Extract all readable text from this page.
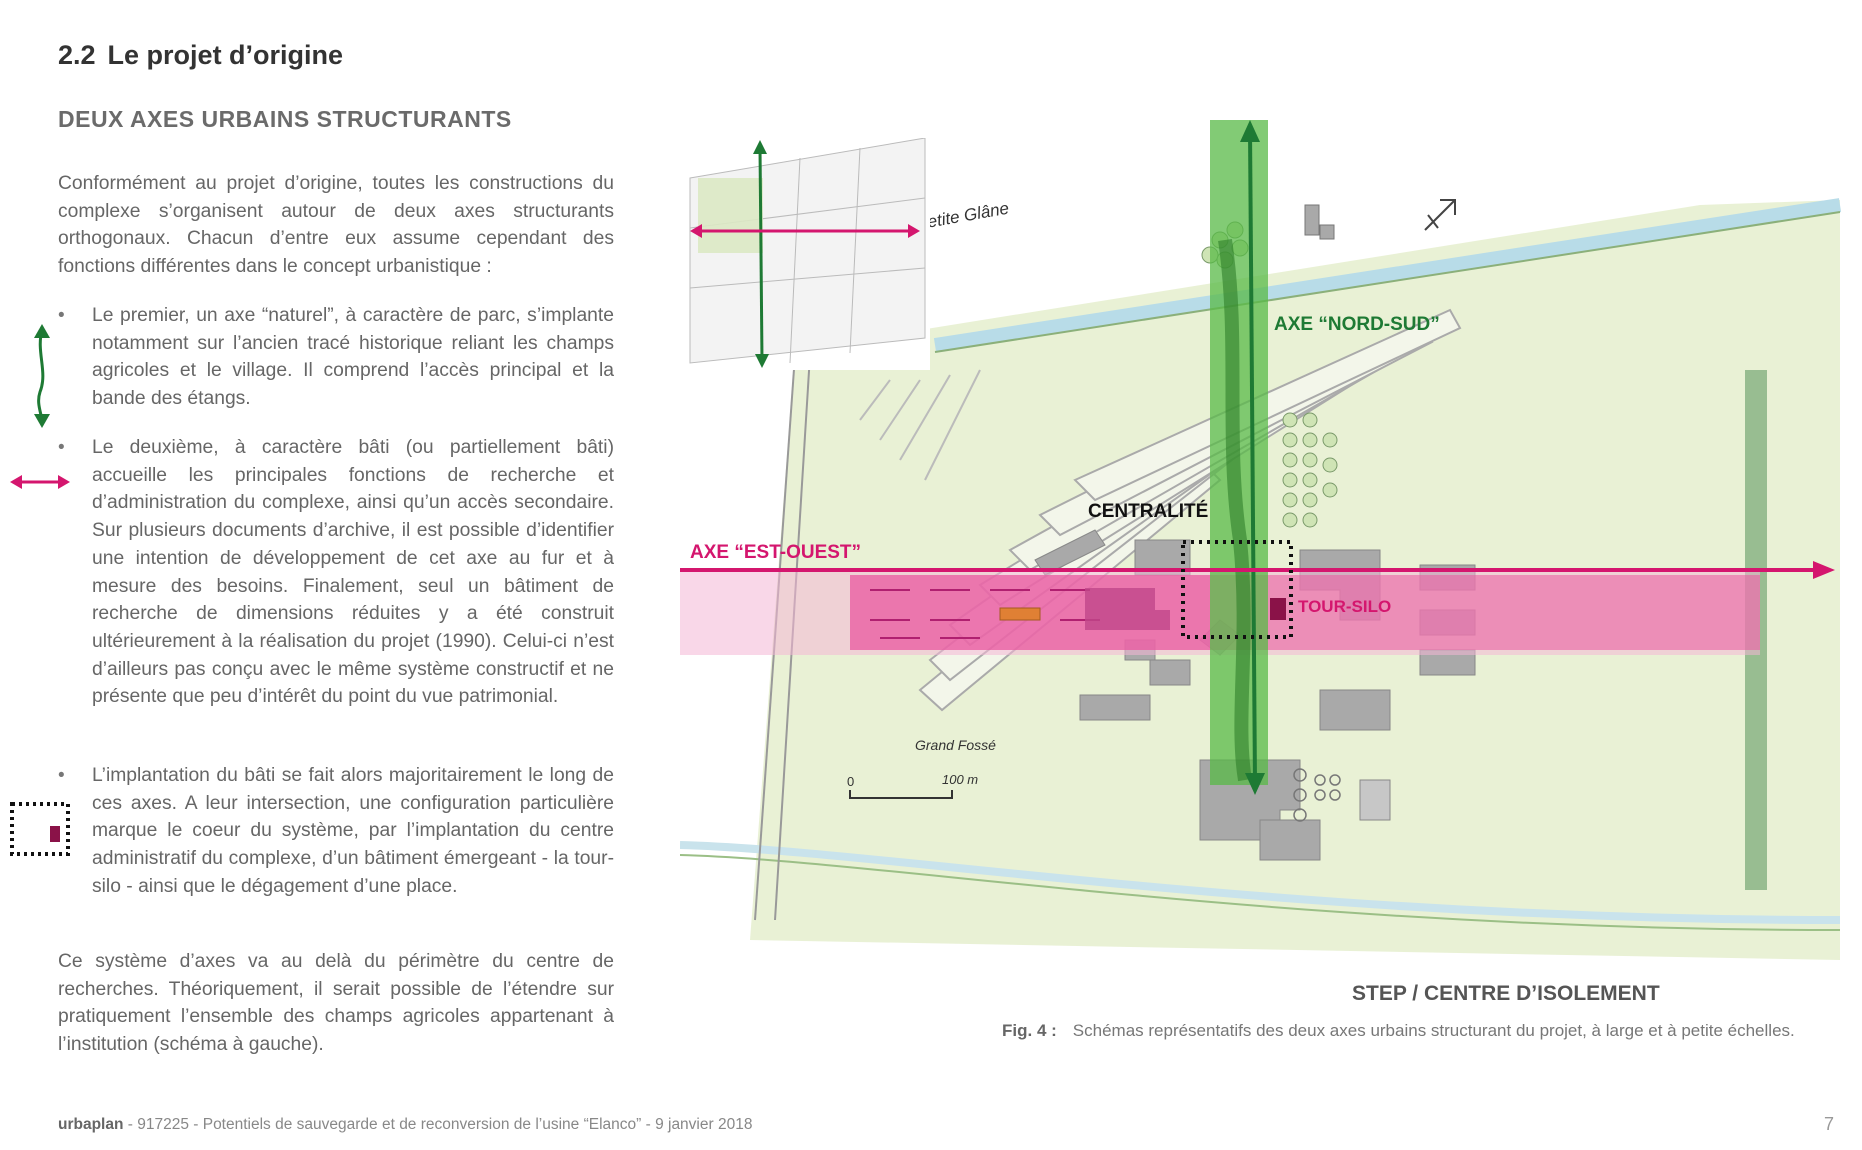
2.2 Le projet d’origine
DEUX AXES URBAINS STRUCTURANTS
Conformément au projet d’origine, toutes les constructions du complexe s’organisent autour de deux axes structurants orthogonaux. Chacun d’entre eux assume cependant des fonctions différentes dans le concept urbanistique :
• Le premier, un axe “naturel”, à caractère de parc, s’implante notamment sur l’ancien tracé historique reliant les champs agricoles et le village. Il comprend l’accès principal et la bande des étangs.
• Le deuxième, à caractère bâti (ou partiellement bâti) accueille les principales fonctions de recherche et d’administration du complexe, ainsi qu’un accès secondaire. Sur plusieurs documents d’archive, il est possible d’identifier une intention de développement de cet axe au fur et à mesure des besoins. Finalement, seul un bâtiment de recherche de dimensions réduites y a été construit ultérieurement à la réalisation du projet (1990). Celui-ci n’est d’ailleurs pas conçu avec le même système constructif et ne présente que peu d’intérêt du point du vue patrimonial.
• L’implantation du bâti se fait alors majoritairement le long de ces axes. A leur intersection, une configuration particulière marque le coeur du système, par l’implantation du centre administratif du complexe, d’un bâtiment émergeant - la tour-silo - ainsi que le dégagement d’une place.
Ce système d’axes va au delà du périmètre du centre de recherches. Théoriquement, il serait possible de l’étendre sur pratiquement l’ensemble des champs agricoles appartenant à l’institution (schéma à gauche).
0	100 m
petite Glâne
Grand Fossé
AXE “NORD-SUD”
AXE “EST-OUEST”
CENTRALITÉ
TOUR-SILO
STEP / CENTRE D’ISOLEMENT
Fig. 4 : Schémas représentatifs des deux axes urbains structurant du projet, à large et à petite échelles.
urbaplan - 917225 - Potentiels de sauvegarde et de reconversion de l’usine “Elanco” - 9 janvier 2018	7
